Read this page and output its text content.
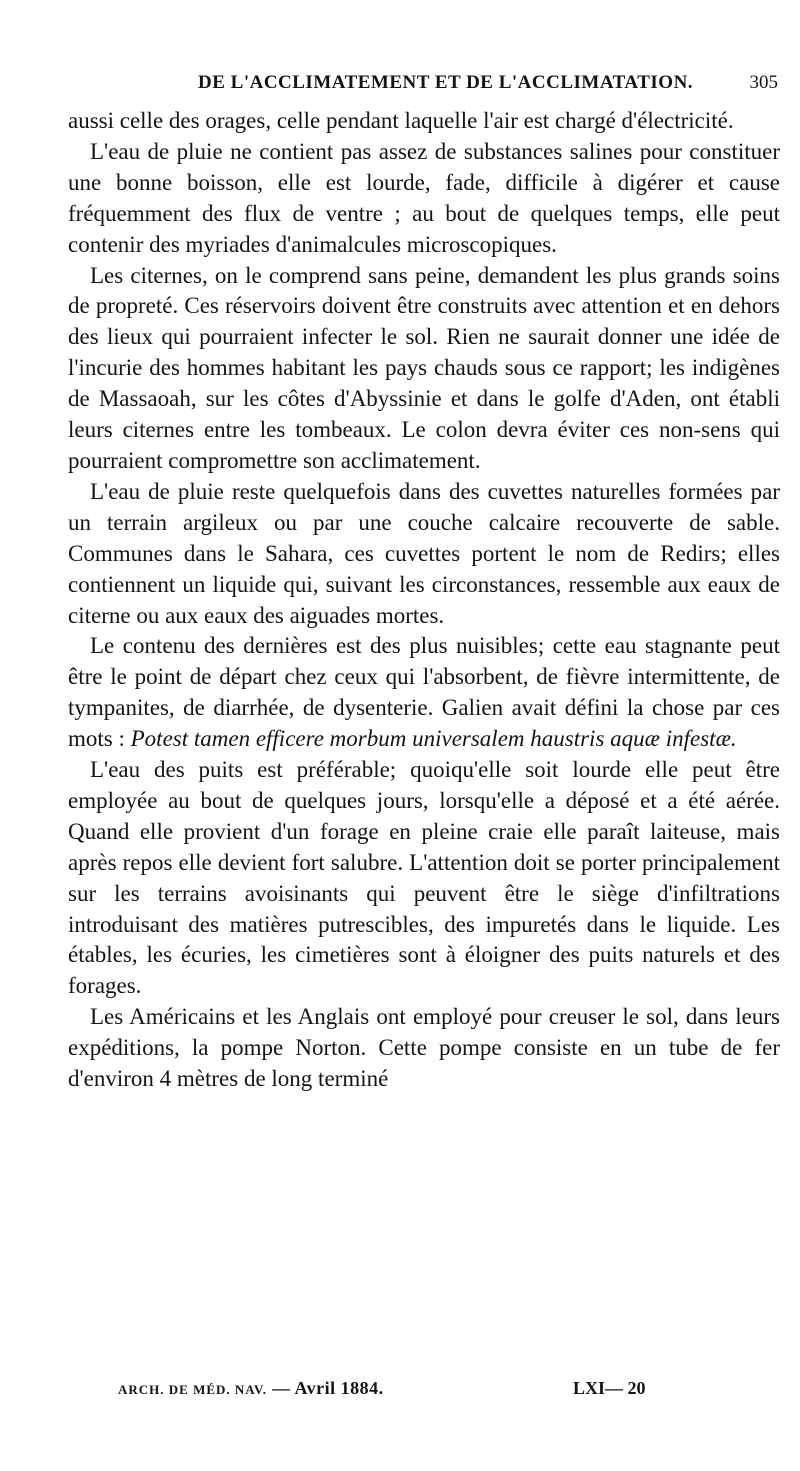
DE L'ACCLIMATEMENT ET DE L'ACCLIMATATION.	305

aussi celle des orages, celle pendant laquelle l'air est chargé d'électricité.

L'eau de pluie ne contient pas assez de substances salines pour constituer une bonne boisson, elle est lourde, fade, difficile à digérer et cause fréquemment des flux de ventre ; au bout de quelques temps, elle peut contenir des myriades d'animalcules microscopiques.

Les citernes, on le comprend sans peine, demandent les plus grands soins de propreté. Ces réservoirs doivent être construits avec attention et en dehors des lieux qui pourraient infecter le sol. Rien ne saurait donner une idée de l'incurie des hommes habitant les pays chauds sous ce rapport; les indigènes de Massaoah, sur les côtes d'Abyssinie et dans le golfe d'Aden, ont établi leurs citernes entre les tombeaux. Le colon devra éviter ces non-sens qui pourraient compromettre son acclimatement.

L'eau de pluie reste quelquefois dans des cuvettes naturelles formées par un terrain argileux ou par une couche calcaire recouverte de sable. Communes dans le Sahara, ces cuvettes portent le nom de Redirs; elles contiennent un liquide qui, suivant les circonstances, ressemble aux eaux de citerne ou aux eaux des aiguades mortes.

Le contenu des dernières est des plus nuisibles; cette eau stagnante peut être le point de départ chez ceux qui l'absorbent, de fièvre intermittente, de tympanites, de diarrhée, de dysenterie. Galien avait défini la chose par ces mots : Potest tamen efficere morbum universalem haustris aquæ infestæ.

L'eau des puits est préférable; quoiqu'elle soit lourde elle peut être employée au bout de quelques jours, lorsqu'elle a déposé et a été aérée. Quand elle provient d'un forage en pleine craie elle paraît laiteuse, mais après repos elle devient fort salubre. L'attention doit se porter principalement sur les terrains avoisinants qui peuvent être le siège d'infiltrations introduisant des matières putrescibles, des impuretés dans le liquide. Les étables, les écuries, les cimetières sont à éloigner des puits naturels et des forages.

Les Américains et les Anglais ont employé pour creuser le sol, dans leurs expéditions, la pompe Norton. Cette pompe consiste en un tube de fer d'environ 4 mètres de long terminé

ARCH. DE MÉD. NAV. — Avril 1884.	LXI— 20
